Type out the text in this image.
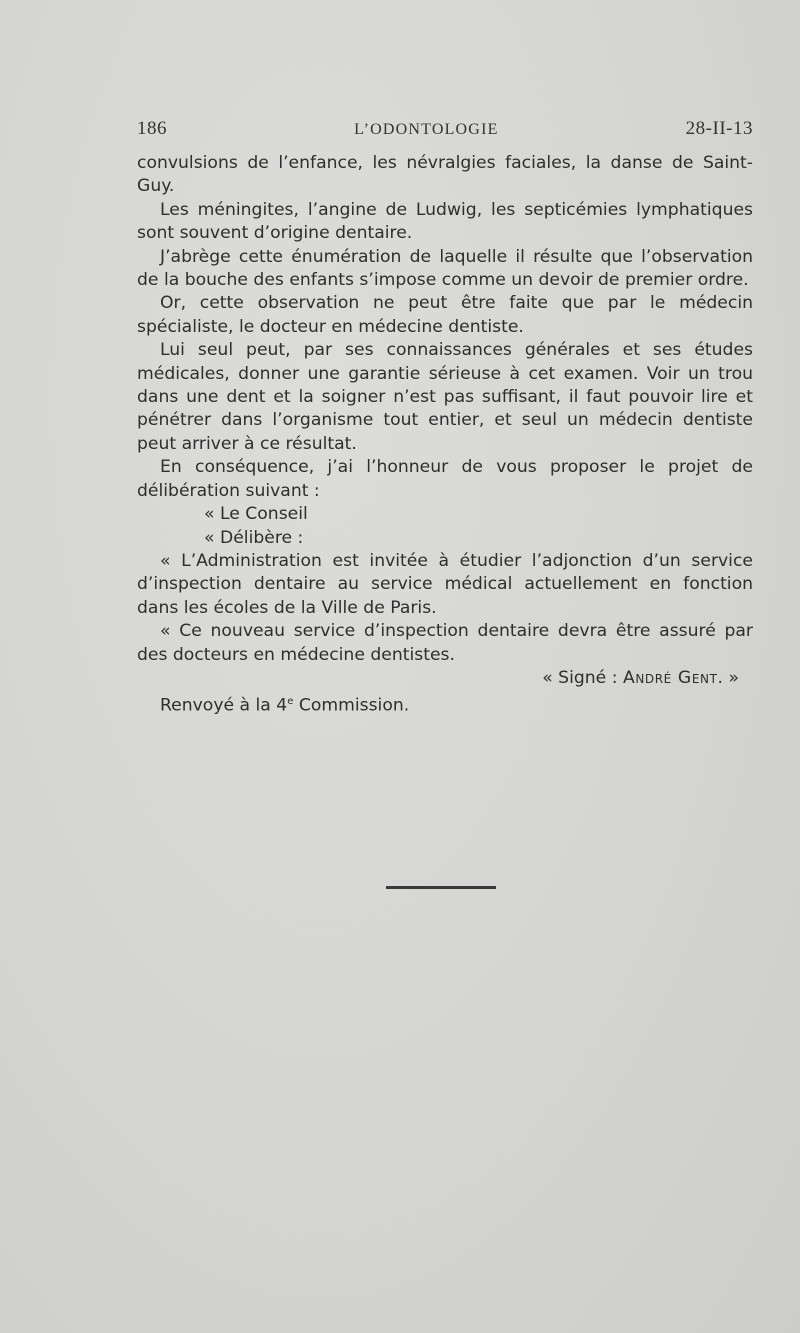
186	L’ODONTOLOGIE	28-II-13

convulsions de l’enfance, les névralgies faciales, la danse de Saint-Guy.

Les méningites, l’angine de Ludwig, les septicémies lymphatiques sont souvent d’origine dentaire.

J’abrège cette énumération de laquelle il résulte que l’observation de la bouche des enfants s’impose comme un devoir de premier ordre.

Or, cette observation ne peut être faite que par le médecin spécialiste, le docteur en médecine dentiste.

Lui seul peut, par ses connaissances générales et ses études médicales, donner une garantie sérieuse à cet examen. Voir un trou dans une dent et la soigner n’est pas suffisant, il faut pouvoir lire et pénétrer dans l’organisme tout entier, et seul un médecin dentiste peut arriver à ce résultat.

En conséquence, j’ai l’honneur de vous proposer le projet de délibération suivant :

« Le Conseil

« Délibère :

« L’Administration est invitée à étudier l’adjonction d’un service d’inspection dentaire au service médical actuellement en fonction dans les écoles de la Ville de Paris.

« Ce nouveau service d’inspection dentaire devra être assuré par des docteurs en médecine dentistes.

« Signé : André Gent. »

Renvoyé à la 4e Commission.
